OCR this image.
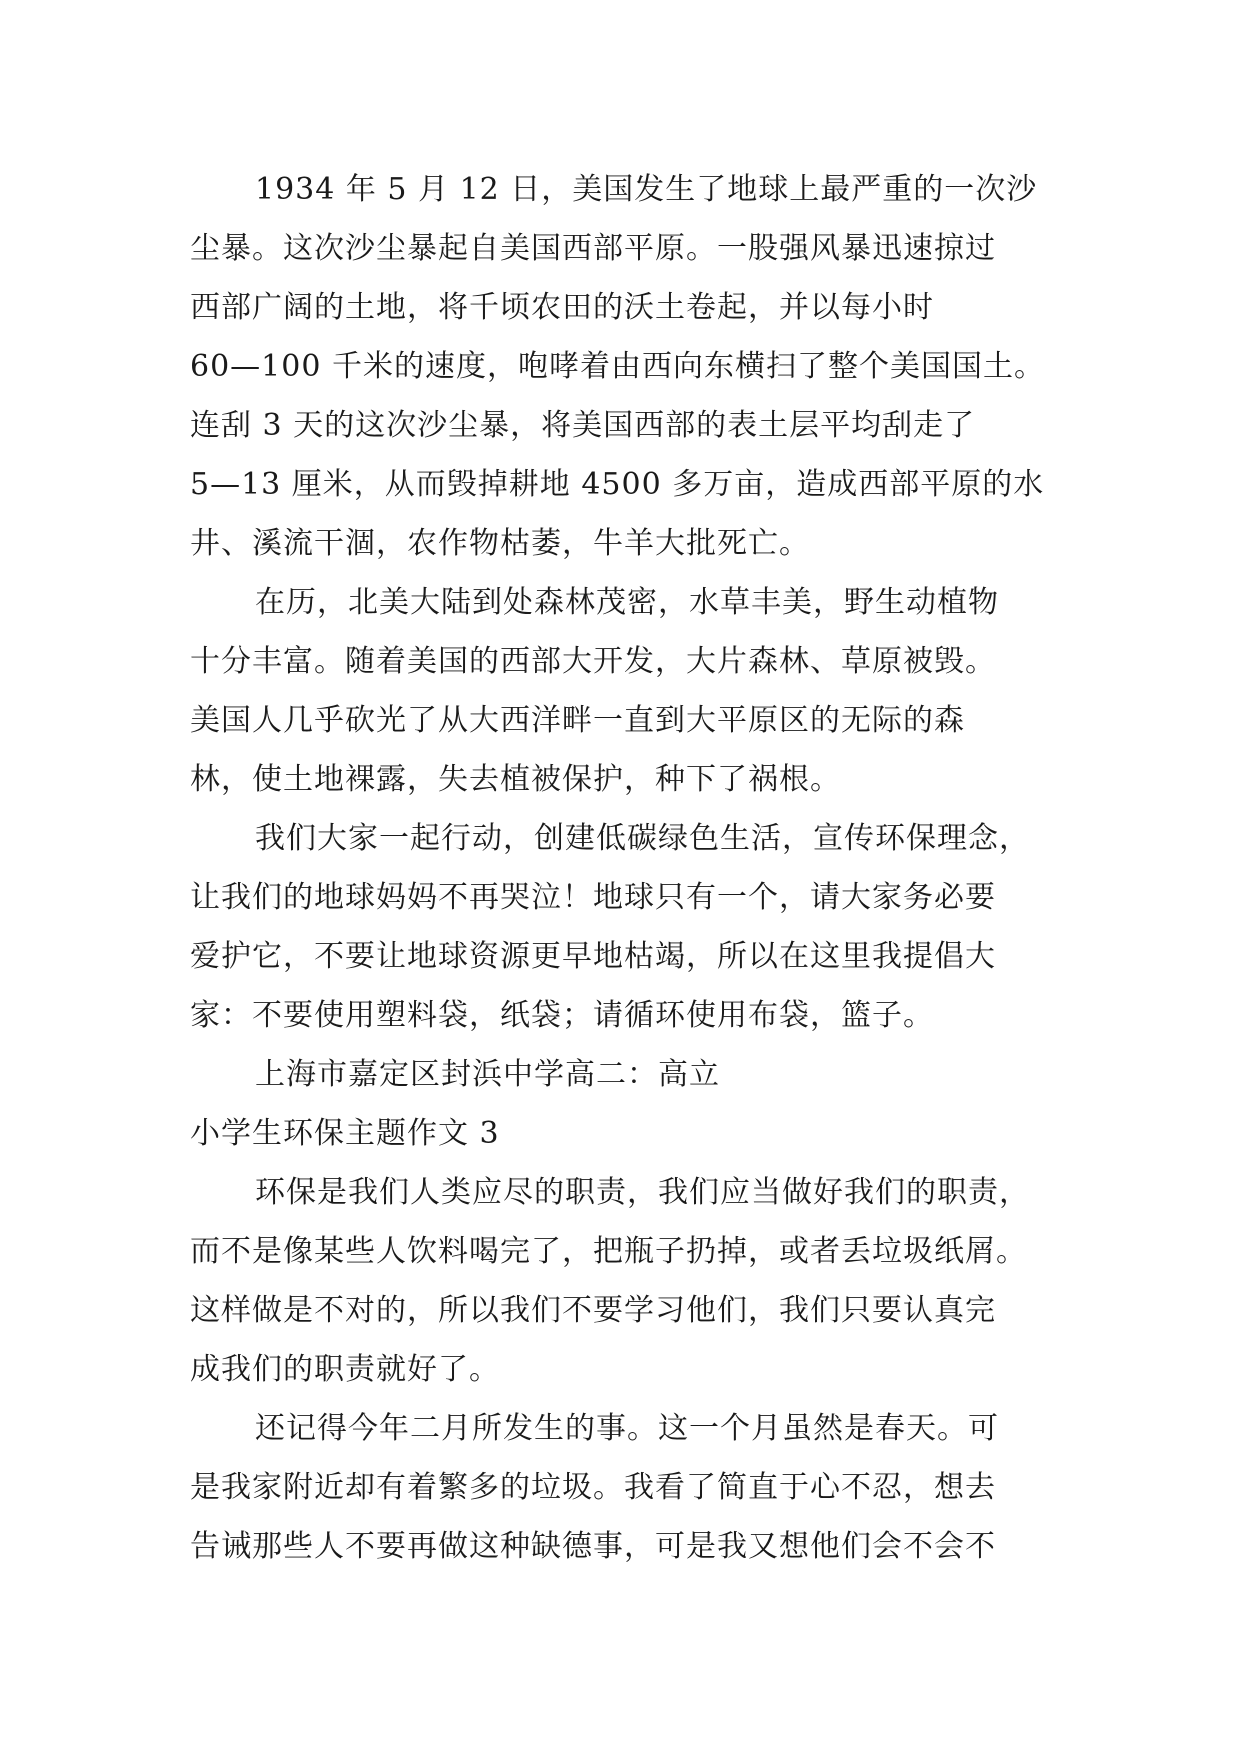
1934 年 5 月 12 日，美国发生了地球上最严重的一次沙
尘暴。这次沙尘暴起自美国西部平原。一股强风暴迅速掠过
西部广阔的土地，将千顷农田的沃土卷起，并以每小时
60—100 千米的速度，咆哮着由西向东横扫了整个美国国土。
连刮 3 天的这次沙尘暴，将美国西部的表土层平均刮走了
5—13 厘米，从而毁掉耕地 4500 多万亩，造成西部平原的水
井、溪流干涸，农作物枯萎，牛羊大批死亡。
在历，北美大陆到处森林茂密，水草丰美，野生动植物
十分丰富。随着美国的西部大开发，大片森林、草原被毁。
美国人几乎砍光了从大西洋畔一直到大平原区的无际的森
林，使土地裸露，失去植被保护，种下了祸根。
我们大家一起行动，创建低碳绿色生活，宣传环保理念，
让我们的地球妈妈不再哭泣！地球只有一个，请大家务必要
爱护它，不要让地球资源更早地枯竭，所以在这里我提倡大
家：不要使用塑料袋，纸袋；请循环使用布袋，篮子。
上海市嘉定区封浜中学高二：高立
小学生环保主题作文 3
环保是我们人类应尽的职责，我们应当做好我们的职责，
而不是像某些人饮料喝完了，把瓶子扔掉，或者丢垃圾纸屑。
这样做是不对的，所以我们不要学习他们，我们只要认真完
成我们的职责就好了。
还记得今年二月所发生的事。这一个月虽然是春天。可
是我家附近却有着繁多的垃圾。我看了简直于心不忍，想去
告诫那些人不要再做这种缺德事，可是我又想他们会不会不
